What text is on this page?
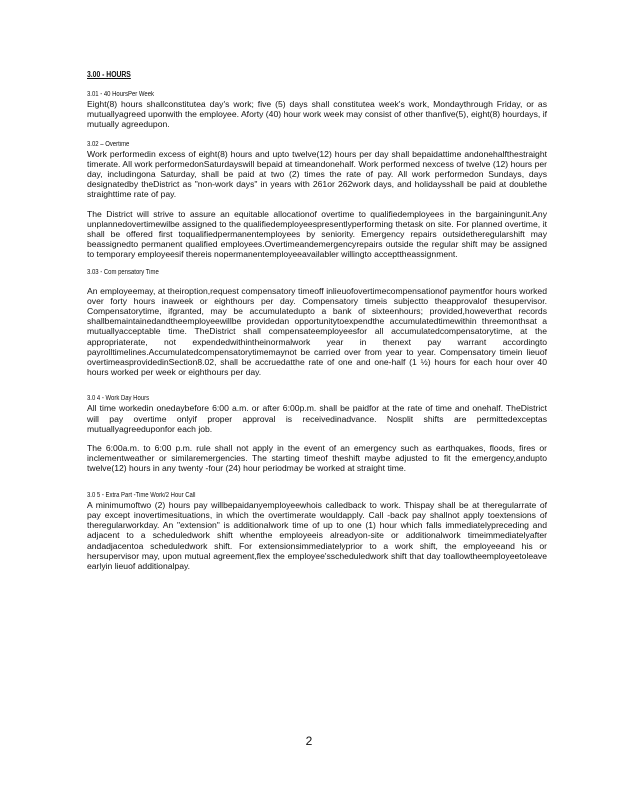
3.00 - HOURS
3.01 - 40 HoursPer Week

Eight(8) hours shallconstitutea day's work; five (5) days shall constitutea week's work, Mondaythrough Friday, or as mutuallyagreed uponwith the employee. Aforty (40) hour work week may consist of other thanfive(5), eight(8) hourdays, if mutually agreedupon.

3.02 – Overtime

Work performedin excess of eight(8) hours and upto twelve(12) hours per day shall bepaidattime andonehalfthestraight timerate. All work performedonSaturdayswill bepaid at timeandonehalf. Work performed nexcess of twelve (12) hours per day, includingona Saturday, shall be paid at two (2) times the rate of pay. All work performedon Sundays, days designatedby theDistrict as "non-work days" in years with 261or 262work days, and holidaysshall be paid at doublethe straighttime rate of pay.

The District will strive to assure an equitable allocationof overtime to qualifiedemployees in the bargainingunit.Any unplannedovertimewilbe assigned to the qualifiedemployeespresentlyperforming thetask on site. For planned overtime, it shall be offered first toqualifiedpermanentemployees by seniority. Emergency repairs outsidetheregularshift may beassignedto permanent qualified employees.Overtimeandemergencyrepairs outside the regular shift may be assigned to temporary employeesif thereis nopermanentemployeeavailabler willingto accepttheassignment.

3.03 - Com pensatory Time

An employeemay, at theiroption,request compensatory timeoff inlieuofovertimecompensationof paymentfor hours worked over forty hours inaweek or eighthours per day. Compensatory timeis subjectto theapprovalof thesupervisor. Compensatorytime, ifgranted, may be accumulatedupto a bank of sixteenhours; provided,howeverthat records shallbemaintainedandtheemployeewillbe providedan opportunitytoexpendthe accumulatedtimewithin threemonthsat a mutuallyacceptable time. TheDistrict shall compensateemployeesfor all accumulatedcompensatorytime, at the appropriaterate, not expendedwithintheinormalwork year in thenext pay warrant accordingto payrolltimelines.Accumulatedcompensatorytimemaynot be carried over from year to year. Compensatory timein lieuof overtimeasprovidedinSection8.02, shall be accruedatthe rate of one and one-half (1 ½) hours for each hour over 40 hours worked per week or eighthours per day.

3.0 4 - Work Day Hours

All time workedin onedaybefore 6:00 a.m. or after 6:00p.m. shall be paidfor at the rate of time and onehalf. TheDistrict will pay overtime onlyif proper approval is receivedinadvance. Nosplit shifts are permittedexceptas mutuallyagreeduponfor each job.

The 6:00a.m. to 6:00 p.m. rule shall not apply in the event of an emergency such as earthquakes, floods, fires or inclementweather or similaremergencies. The starting timeof theshift maybe adjusted to fit the emergency,andupto twelve(12) hours in any twenty -four (24) hour periodmay be worked at straight time.

3.0 5 - Extra Part -Time Work/2 Hour Call

A minimumoftwo (2) hours pay willbepaidanyemployeewhois calledback to work. Thispay shall be at theregularrate of pay except inovertimesituations, in which the overtimerate wouldapply. Call -back pay shallnot apply toextensions of theregularworkday. An "extension" is additionalwork time of up to one (1) hour which falls immediatelypreceding and adjacent to a scheduledwork shift whenthe employeeis alreadyon-site or additionalwork timeimmediatelyafter andadjacentoa scheduledwork shift. For extensionsimmediatelyprior to a work shift, the employeeand his or hersupervisor may, upon mutual agreement,flex the employee'sscheduledwork shift that day toallowtheemployeetoleave earlyin lieuof additionalpay.

2
